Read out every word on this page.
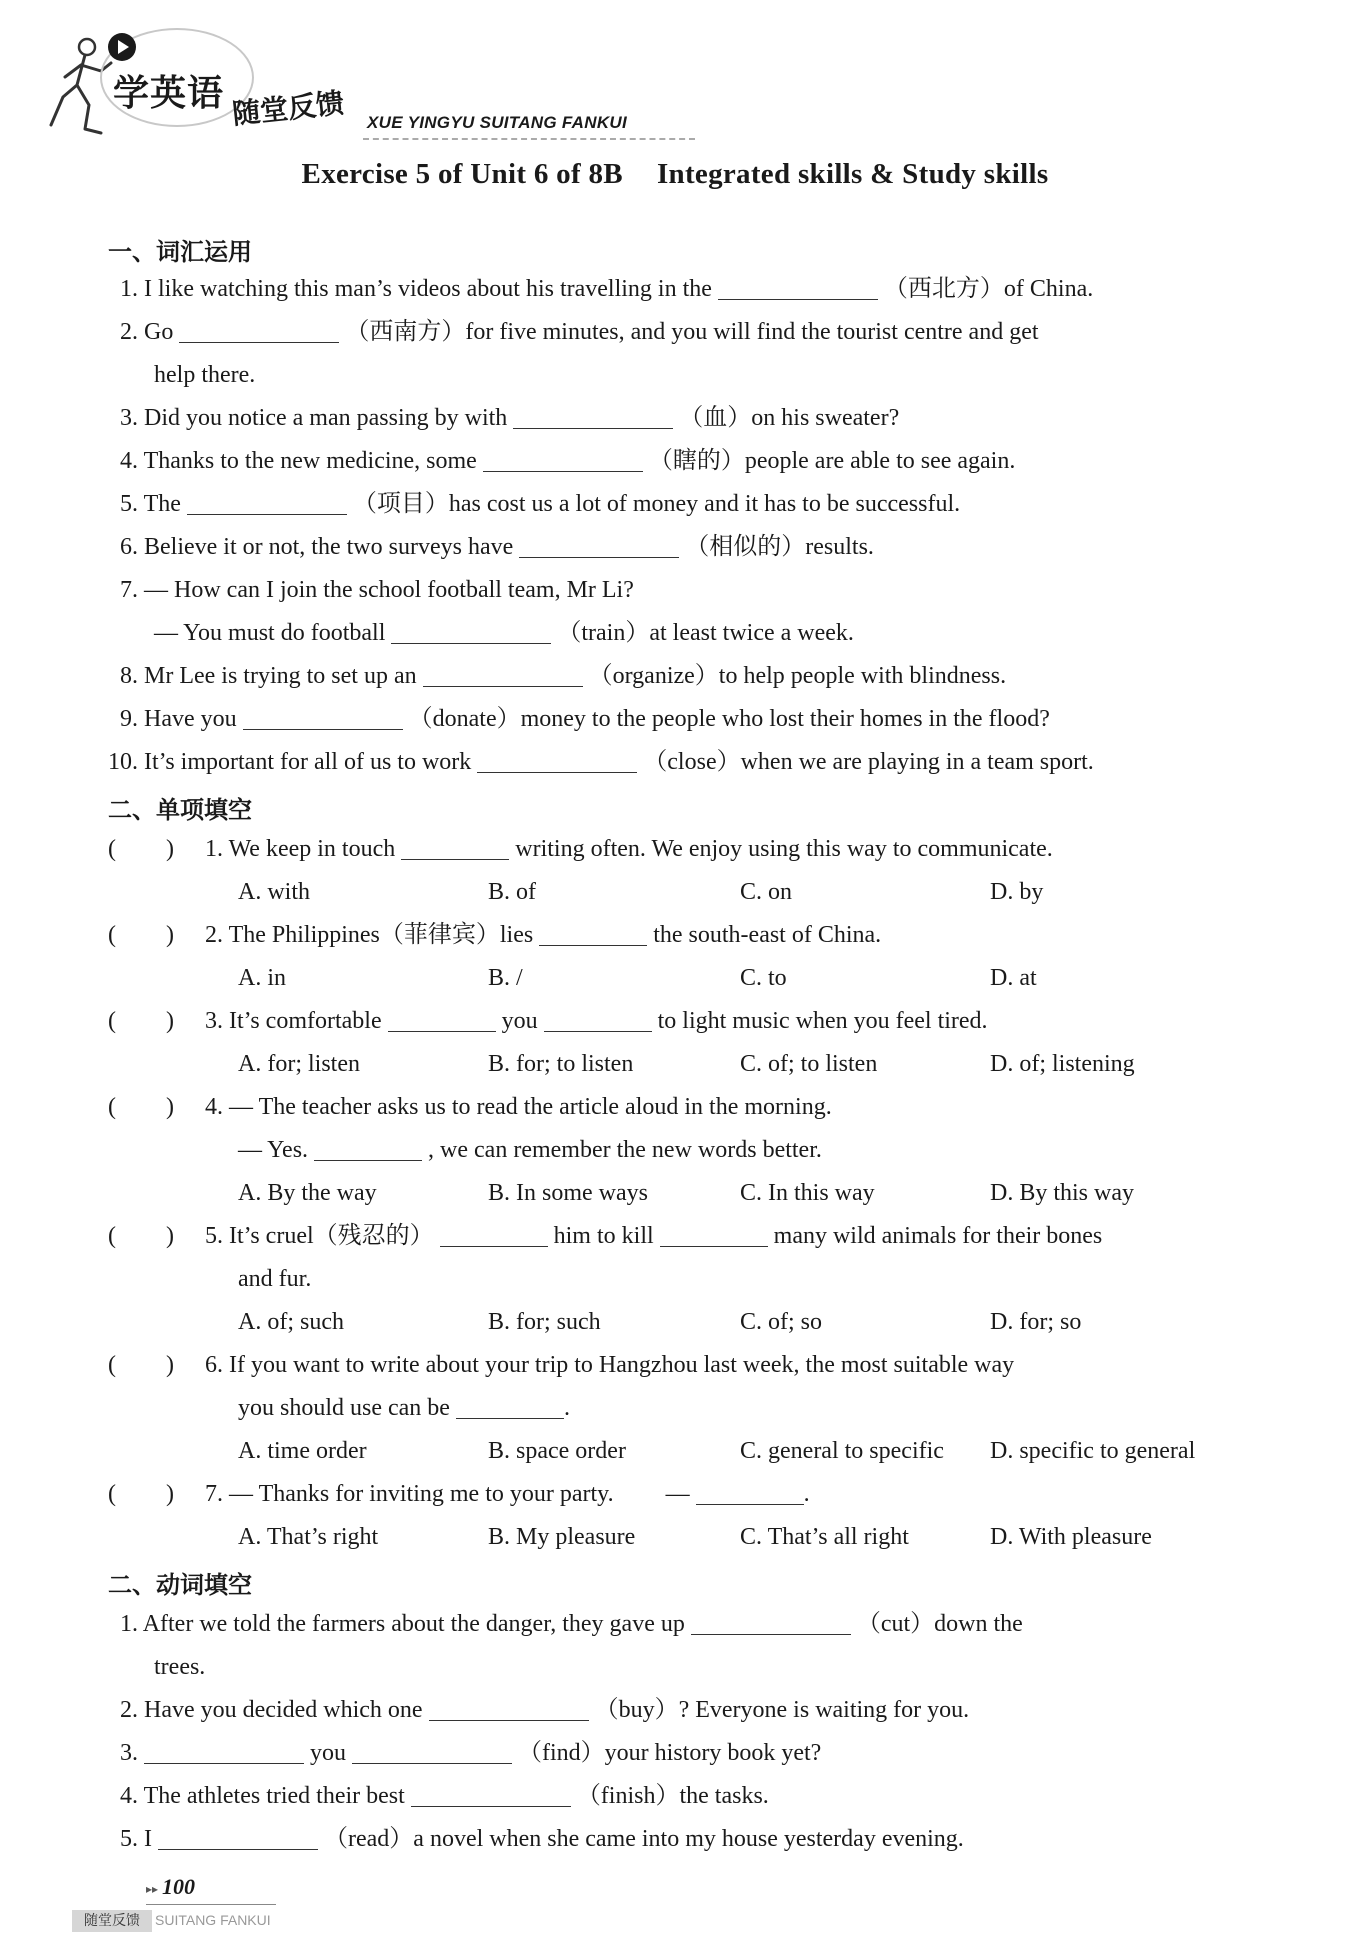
学英语 随堂反馈 XUE YINGYU SUITANG FANKUI
Exercise 5 of Unit 6 of 8B Integrated skills & Study skills
一、词汇运用
1. I like watching this man’s videos about his travelling in the	（西北方）of China.
2. Go	（西南方）for five minutes, and you will find the tourist centre and get
help there.
3. Did you notice a man passing by with	（血）on his sweater?
4. Thanks to the new medicine, some	（瞎的）people are able to see again.
5. The	（项目）has cost us a lot of money and it has to be successful.
6. Believe it or not, the two surveys have	（相似的）results.
7. — How can I join the school football team, Mr Li?
— You must do football	（train）at least twice a week.
8. Mr Lee is trying to set up an	（organize）to help people with blindness.
9. Have you	（donate）money to the people who lost their homes in the flood?
10. It’s important for all of us to work	（close）when we are playing in a team sport.
二、单项填空
( )	1. We keep in touch	writing often. We enjoy using this way to communicate.
A. with	B. of	C. on	D. by
( )	2. The Philippines（菲律宾）lies	the south-east of China.
A. in	B. /	C. to	D. at
( )	3. It’s comfortable	you	to light music when you feel tired.
A. for; listen	B. for; to listen	C. of; to listen	D. of; listening
( )	4. — The teacher asks us to read the article aloud in the morning.
— Yes.	, we can remember the new words better.
A. By the way	B. In some ways	C. In this way	D. By this way
( )	5. It’s cruel（残忍的）	him to kill	many wild animals for their bones
and fur.
A. of; such	B. for; such	C. of; so	D. for; so
( )	6. If you want to write about your trip to Hangzhou last week, the most suitable way
you should use can be	.
A. time order	B. space order	C. general to specific D. specific to general
( )	7. — Thanks for inviting me to your party. —	.
A. That’s right	B. My pleasure	C. That’s all right	D. With pleasure
二、动词填空
1. After we told the farmers about the danger, they gave up	（cut）down the
trees.
2. Have you decided which one	（buy）? Everyone is waiting for you.
3.	you	（find）your history book yet?
4. The athletes tried their best	（finish）the tasks.
5. I	（read）a novel when she came into my house yesterday evening.
▸▸ 100
随堂反馈	SUITANG FANKUI
